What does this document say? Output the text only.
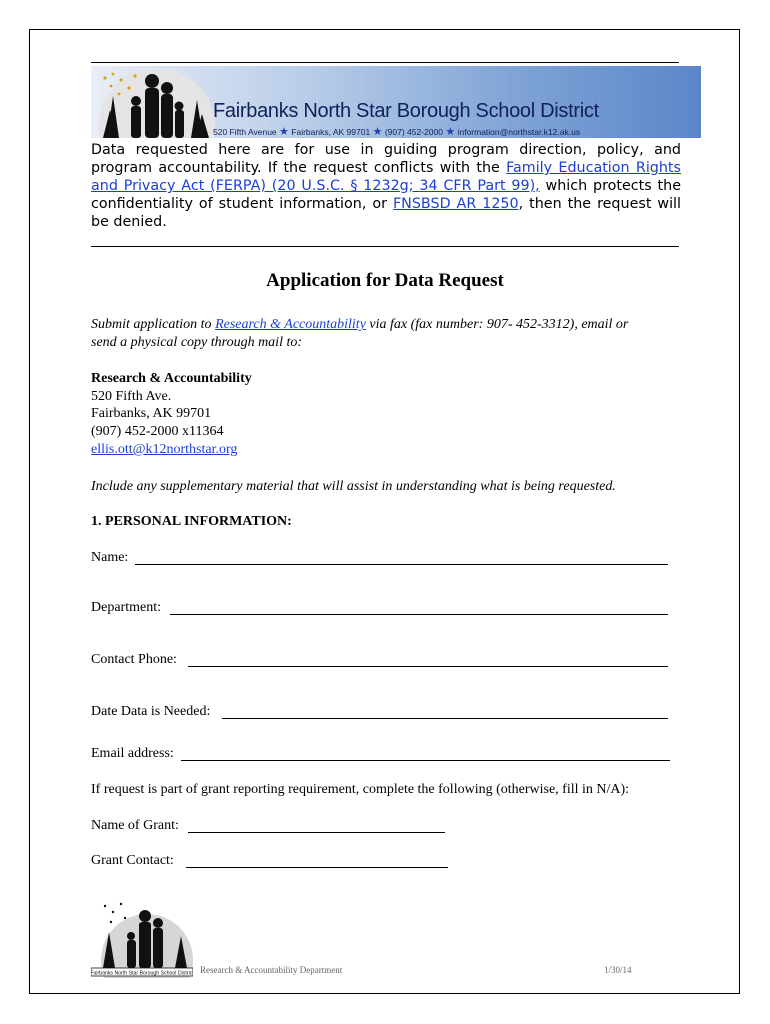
Fairbanks North Star Borough School District
520 Fifth Avenue ★ Fairbanks, AK 99701 ★ (907) 452-2000 ★ information@northstar.k12.ak.us
Data requested here are for use in guiding program direction, policy, and program accountability. If the request conflicts with the Family Education Rights and Privacy Act (FERPA) (20 U.S.C. § 1232g; 34 CFR Part 99), which protects the confidentiality of student information, or FNSBSD AR 1250, then the request will be denied.
Application for Data Request
Submit application to Research & Accountability via fax (fax number: 907- 452-3312), email or
send a physical copy through mail to:
Research & Accountability
520 Fifth Ave.
Fairbanks, AK 99701
(907) 452-2000 x11364
ellis.ott@k12northstar.org
Include any supplementary material that will assist in understanding what is being requested.
1. PERSONAL INFORMATION:
Name:
Department:
Contact Phone:
Date Data is Needed:
Email address:
If request is part of grant reporting requirement, complete the following (otherwise, fill in N/A):
Name of Grant:
Grant Contact:
Fairbanks North Star Borough School District Research & Accountability Department	1/30/14
